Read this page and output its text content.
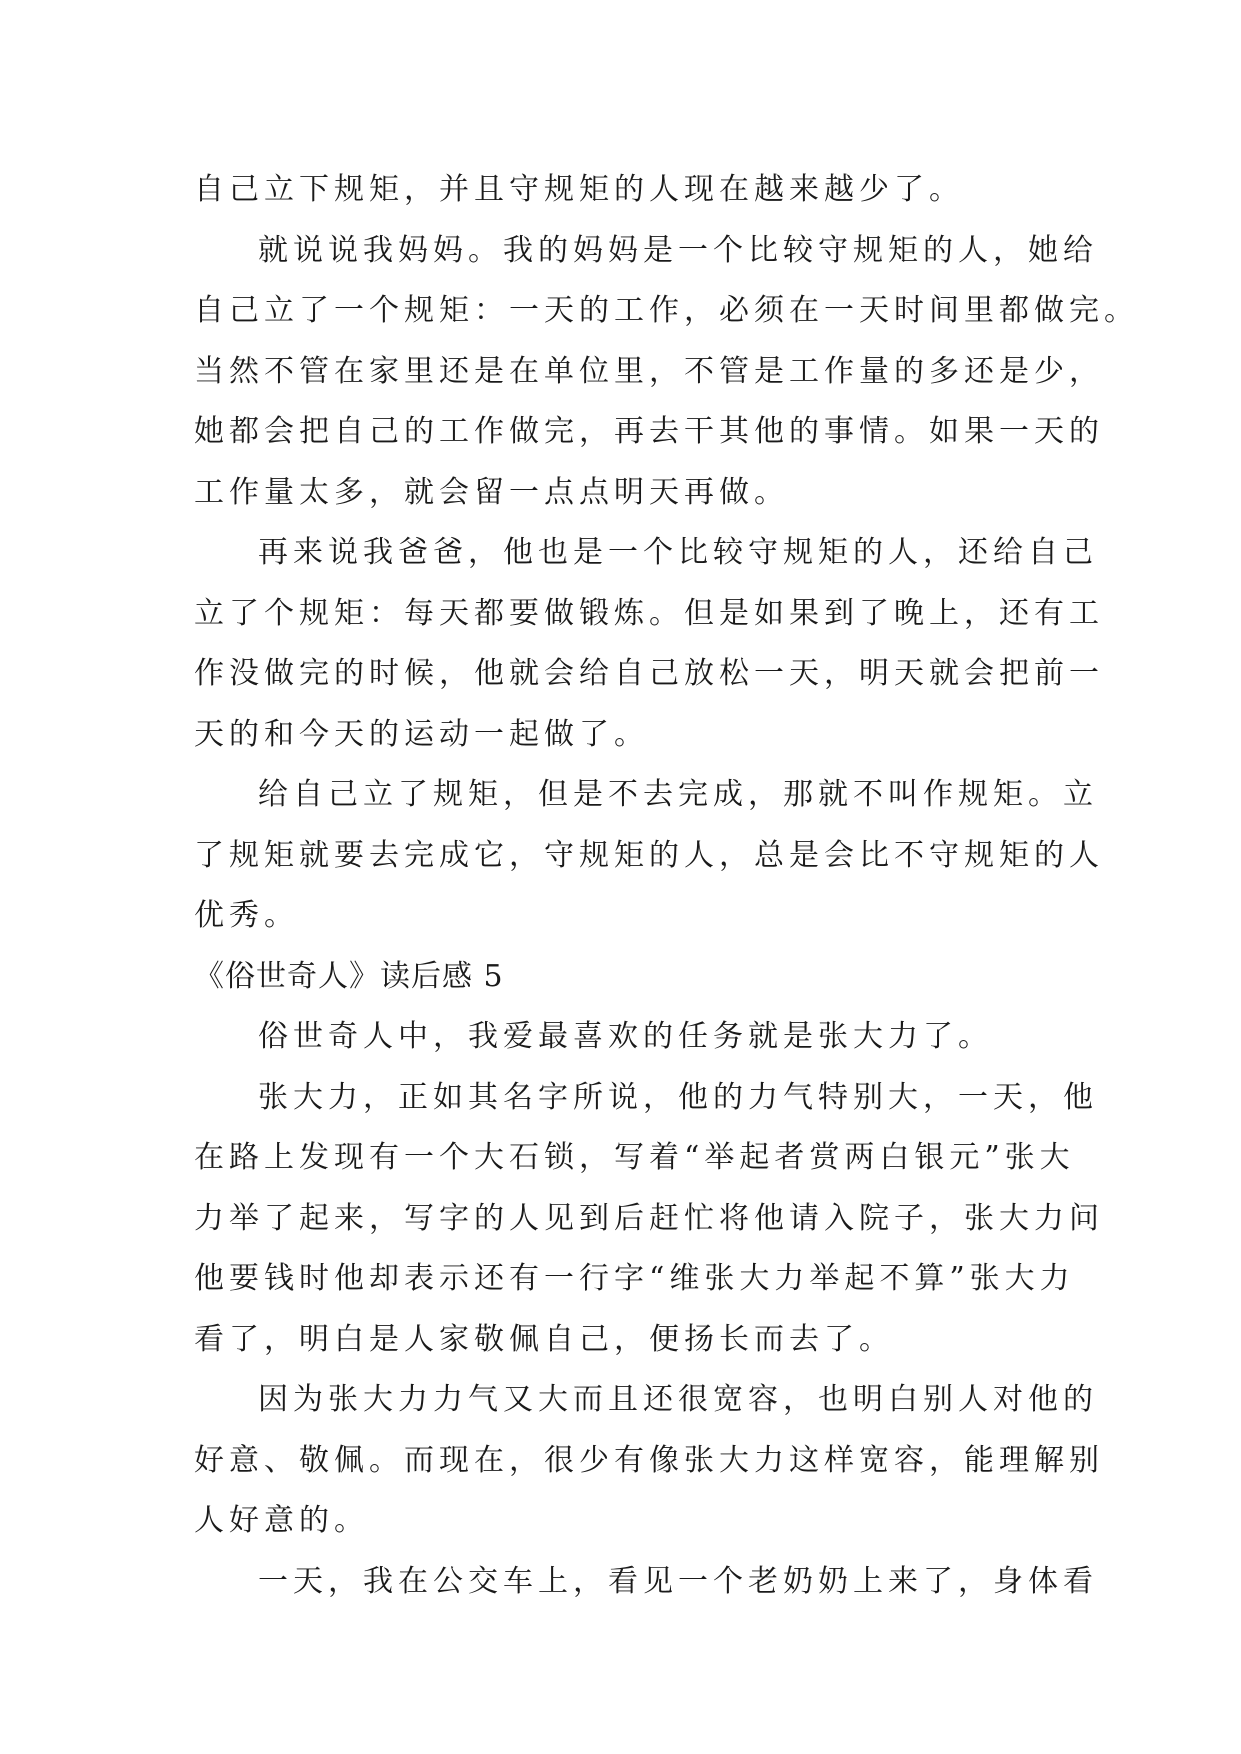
自己立下规矩，并且守规矩的人现在越来越少了。
就说说我妈妈。我的妈妈是一个比较守规矩的人，她给
自己立了一个规矩：一天的工作，必须在一天时间里都做完。
当然不管在家里还是在单位里，不管是工作量的多还是少，
她都会把自己的工作做完，再去干其他的事情。如果一天的
工作量太多，就会留一点点明天再做。
再来说我爸爸，他也是一个比较守规矩的人，还给自己
立了个规矩：每天都要做锻炼。但是如果到了晚上，还有工
作没做完的时候，他就会给自己放松一天，明天就会把前一
天的和今天的运动一起做了。
给自己立了规矩，但是不去完成，那就不叫作规矩。立
了规矩就要去完成它，守规矩的人，总是会比不守规矩的人
优秀。
《俗世奇人》读后感 5
俗世奇人中，我爱最喜欢的任务就是张大力了。
张大力，正如其名字所说，他的力气特别大，一天，他
在路上发现有一个大石锁，写着“举起者赏两白银元”张大
力举了起来，写字的人见到后赶忙将他请入院子，张大力问
他要钱时他却表示还有一行字“维张大力举起不算”张大力
看了，明白是人家敬佩自己，便扬长而去了。
因为张大力力气又大而且还很宽容，也明白别人对他的
好意、敬佩。而现在，很少有像张大力这样宽容，能理解别
人好意的。
一天，我在公交车上，看见一个老奶奶上来了，身体看
